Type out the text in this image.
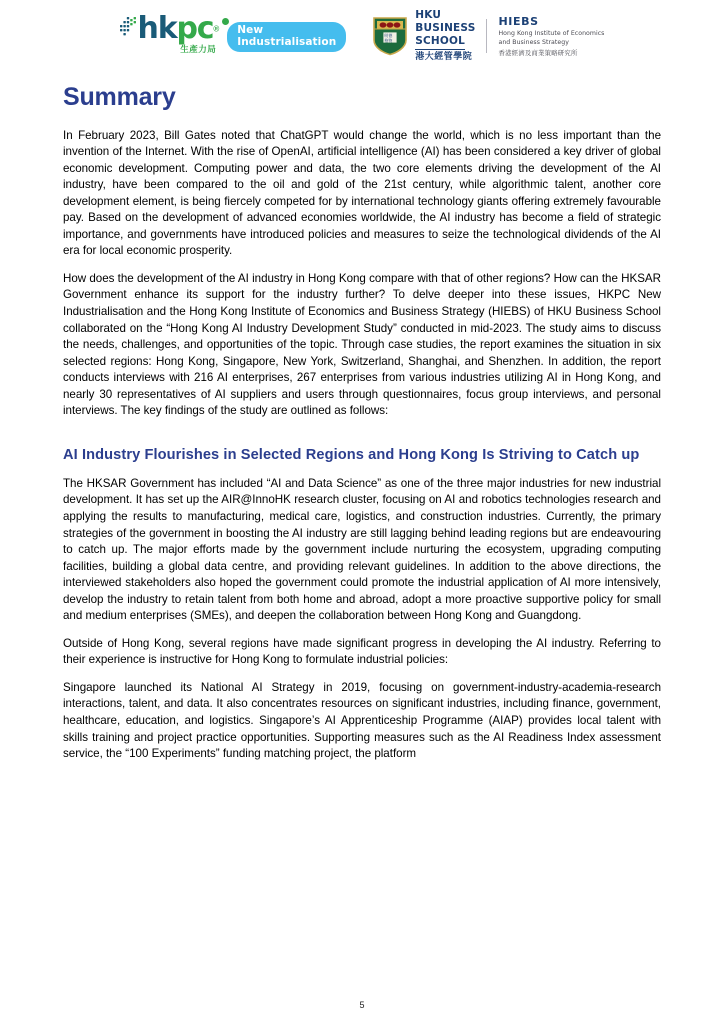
hkpc®
生產力局
New
Industrialisation	明德
格物
HKU
BUSINESS
SCHOOL
港大經管學院
HIEBS
Hong Kong Institute of Economics
and Business Strategy
香港經濟及商業策略研究所
Summary

In February 2023, Bill Gates noted that ChatGPT would change the world, which is no less important than the invention of the Internet. With the rise of OpenAI, artificial intelligence (AI) has been considered a key driver of global economic development. Computing power and data, the two core elements driving the development of the AI industry, have been compared to the oil and gold of the 21st century, while algorithmic talent, another core development element, is being fiercely competed for by international technology giants offering extremely favourable pay. Based on the development of advanced economies worldwide, the AI industry has become a field of strategic importance, and governments have introduced policies and measures to seize the technological dividends of the AI era for local economic prosperity.

How does the development of the AI industry in Hong Kong compare with that of other regions? How can the HKSAR Government enhance its support for the industry further? To delve deeper into these issues, HKPC New Industrialisation and the Hong Kong Institute of Economics and Business Strategy (HIEBS) of HKU Business School collaborated on the “Hong Kong AI Industry Development Study” conducted in mid-2023. The study aims to discuss the needs, challenges, and opportunities of the topic. Through case studies, the report examines the situation in six selected regions: Hong Kong, Singapore, New York, Switzerland, Shanghai, and Shenzhen. In addition, the report conducts interviews with 216 AI enterprises, 267 enterprises from various industries utilizing AI in Hong Kong, and nearly 30 representatives of AI suppliers and users through questionnaires, focus group interviews, and personal interviews. The key findings of the study are outlined as follows:

AI Industry Flourishes in Selected Regions and Hong Kong Is Striving to Catch up

The HKSAR Government has included “AI and Data Science” as one of the three major industries for new industrial development. It has set up the AIR@InnoHK research cluster, focusing on AI and robotics technologies research and applying the results to manufacturing, medical care, logistics, and construction industries. Currently, the primary strategies of the government in boosting the AI industry are still lagging behind leading regions but are endeavouring to catch up. The major efforts made by the government include nurturing the ecosystem, upgrading computing facilities, building a global data centre, and providing relevant guidelines. In addition to the above directions, the interviewed stakeholders also hoped the government could promote the industrial application of AI more intensively, develop the industry to retain talent from both home and abroad, adopt a more proactive supportive policy for small and medium enterprises (SMEs), and deepen the collaboration between Hong Kong and Guangdong.

Outside of Hong Kong, several regions have made significant progress in developing the AI industry. Referring to their experience is instructive for Hong Kong to formulate industrial policies:

Singapore launched its National AI Strategy in 2019, focusing on government-industry-academia-research interactions, talent, and data. It also concentrates resources on significant industries, including finance, government, healthcare, education, and logistics. Singapore’s AI Apprenticeship Programme (AIAP) provides local talent with skills training and project practice opportunities. Supporting measures such as the AI Readiness Index assessment service, the “100 Experiments” funding matching project, the platform

5
